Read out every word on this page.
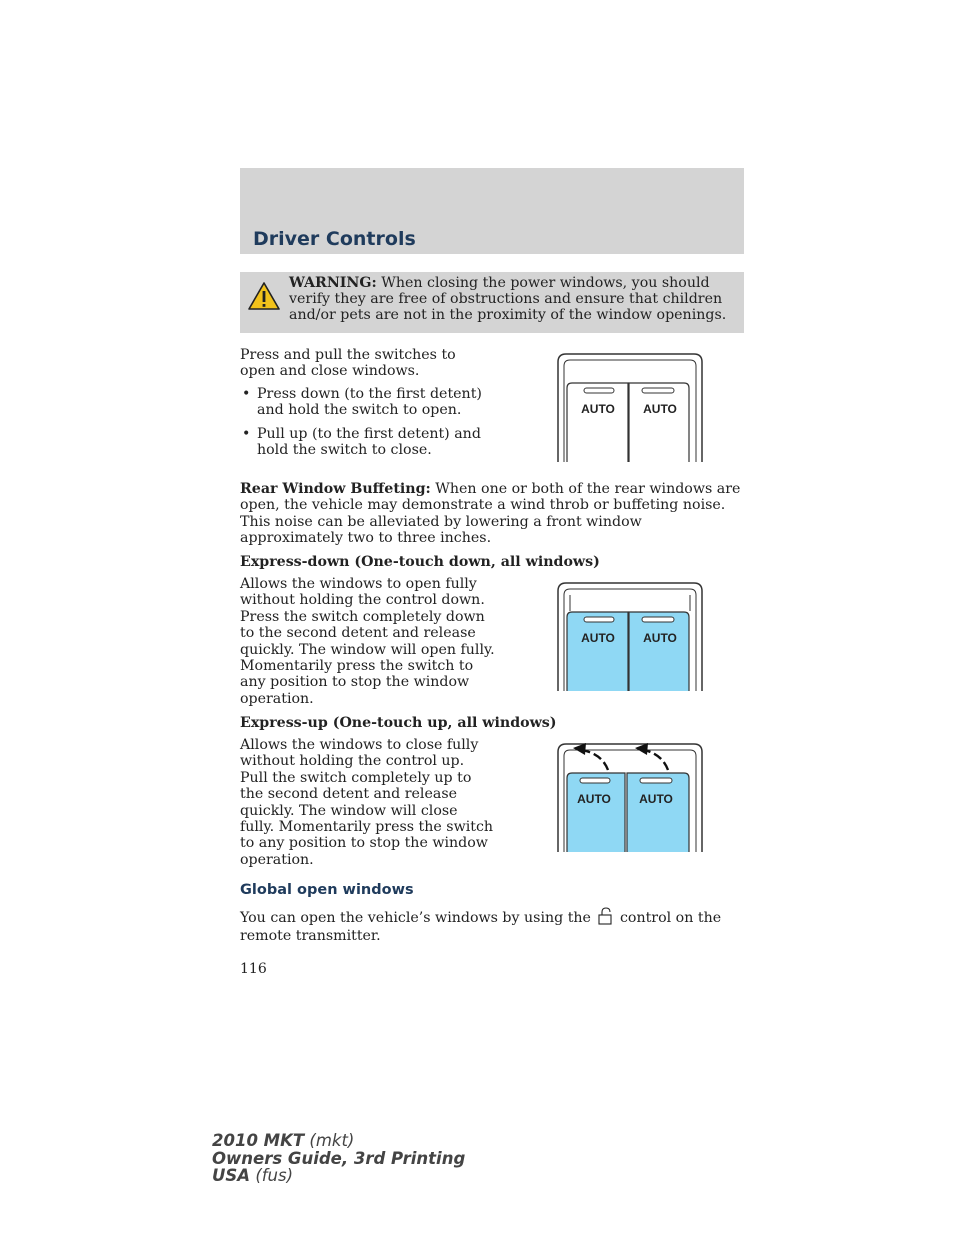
Driver Controls
WARNING: When closing the power windows, you should verify they are free of obstructions and ensure that children and/or pets are not in the proximity of the window openings.
Press and pull the switches to open and close windows.
• Press down (to the first detent) and hold the switch to open.
• Pull up (to the first detent) and hold the switch to close.
AUTO AUTO
Rear Window Buffeting: When one or both of the rear windows are open, the vehicle may demonstrate a wind throb or buffeting noise. This noise can be alleviated by lowering a front window approximately two to three inches.
Express-down (One-touch down, all windows)
Allows the windows to open fully without holding the control down. Press the switch completely down to the second detent and release quickly. The window will open fully. Momentarily press the switch to any position to stop the window operation.
AUTO AUTO
Express-up (One-touch up, all windows)
Allows the windows to close fully without holding the control up. Pull the switch completely up to the second detent and release quickly. The window will close fully. Momentarily press the switch to any position to stop the window operation.
AUTO AUTO
Global open windows
You can open the vehicle’s windows by using the control on the remote transmitter.
116
2010 MKT (mkt)
Owners Guide, 3rd Printing
USA (fus)
